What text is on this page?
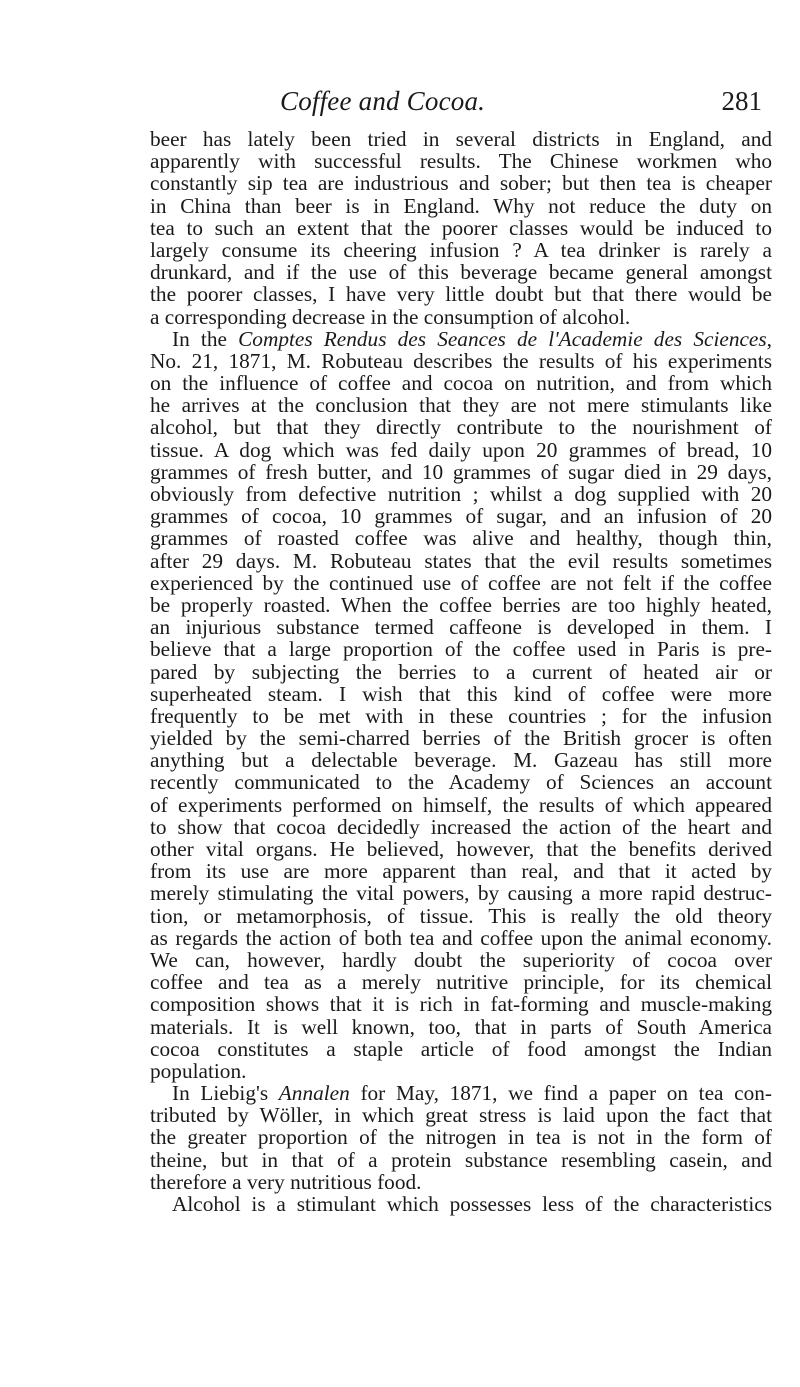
Coffee and Cocoa.	281
beer has lately been tried in several districts in England, and
apparently with successful results. The Chinese workmen who
constantly sip tea are industrious and sober; but then tea is cheaper
in China than beer is in England. Why not reduce the duty on
tea to such an extent that the poorer classes would be induced to
largely consume its cheering infusion ? A tea drinker is rarely a
drunkard, and if the use of this beverage became general amongst
the poorer classes, I have very little doubt but that there would be
a corresponding decrease in the consumption of alcohol.
In the Comptes Rendus des Seances de l'Academie des Sciences,
No. 21, 1871, M. Robuteau describes the results of his experiments
on the influence of coffee and cocoa on nutrition, and from which
he arrives at the conclusion that they are not mere stimulants like
alcohol, but that they directly contribute to the nourishment of
tissue. A dog which was fed daily upon 20 grammes of bread, 10
grammes of fresh butter, and 10 grammes of sugar died in 29 days,
obviously from defective nutrition ; whilst a dog supplied with 20
grammes of cocoa, 10 grammes of sugar, and an infusion of 20
grammes of roasted coffee was alive and healthy, though thin,
after 29 days. M. Robuteau states that the evil results sometimes
experienced by the continued use of coffee are not felt if the coffee
be properly roasted. When the coffee berries are too highly heated,
an injurious substance termed caffeone is developed in them. I
believe that a large proportion of the coffee used in Paris is pre-
pared by subjecting the berries to a current of heated air or
superheated steam. I wish that this kind of coffee were more
frequently to be met with in these countries ; for the infusion
yielded by the semi-charred berries of the British grocer is often
anything but a delectable beverage. M. Gazeau has still more
recently communicated to the Academy of Sciences an account
of experiments performed on himself, the results of which appeared
to show that cocoa decidedly increased the action of the heart and
other vital organs. He believed, however, that the benefits derived
from its use are more apparent than real, and that it acted by
merely stimulating the vital powers, by causing a more rapid destruc-
tion, or metamorphosis, of tissue. This is really the old theory
as regards the action of both tea and coffee upon the animal economy.
We can, however, hardly doubt the superiority of cocoa over
coffee and tea as a merely nutritive principle, for its chemical
composition shows that it is rich in fat-forming and muscle-making
materials. It is well known, too, that in parts of South America
cocoa constitutes a staple article of food amongst the Indian
population.
In Liebig's Annalen for May, 1871, we find a paper on tea con-
tributed by Wöller, in which great stress is laid upon the fact that
the greater proportion of the nitrogen in tea is not in the form of
theine, but in that of a protein substance resembling casein, and
therefore a very nutritious food.
Alcohol is a stimulant which possesses less of the characteristics
